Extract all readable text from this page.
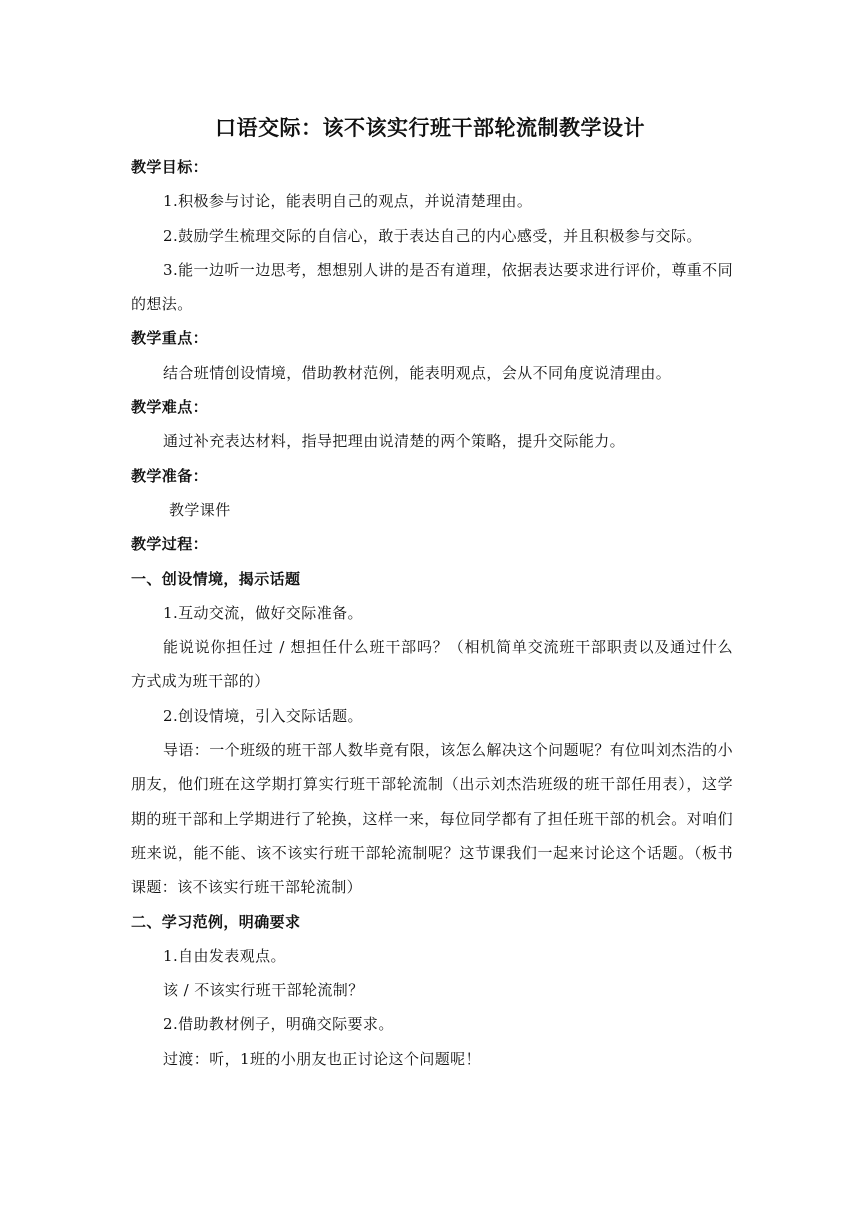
口语交际：该不该实行班干部轮流制教学设计

教学目标：

1.积极参与讨论，能表明自己的观点，并说清楚理由。

2.鼓励学生梳理交际的自信心，敢于表达自己的内心感受，并且积极参与交际。

3.能一边听一边思考，想想别人讲的是否有道理，依据表达要求进行评价，尊重不同的想法。

教学重点：

结合班情创设情境，借助教材范例，能表明观点，会从不同角度说清理由。

教学难点：

通过补充表达材料，指导把理由说清楚的两个策略，提升交际能力。

教学准备：

教学课件

教学过程：

一、创设情境，揭示话题

1.互动交流，做好交际准备。

能说说你担任过 / 想担任什么班干部吗？（相机简单交流班干部职责以及通过什么方式成为班干部的）

2.创设情境，引入交际话题。

导语：一个班级的班干部人数毕竟有限，该怎么解决这个问题呢？有位叫刘杰浩的小朋友，他们班在这学期打算实行班干部轮流制（出示刘杰浩班级的班干部任用表），这学期的班干部和上学期进行了轮换，这样一来，每位同学都有了担任班干部的机会。对咱们班来说，能不能、该不该实行班干部轮流制呢？这节课我们一起来讨论这个话题。（板书课题：该不该实行班干部轮流制）

二、学习范例，明确要求

1.自由发表观点。

该 / 不该实行班干部轮流制？

2.借助教材例子，明确交际要求。

过渡：听，1班的小朋友也正讨论这个问题呢！
